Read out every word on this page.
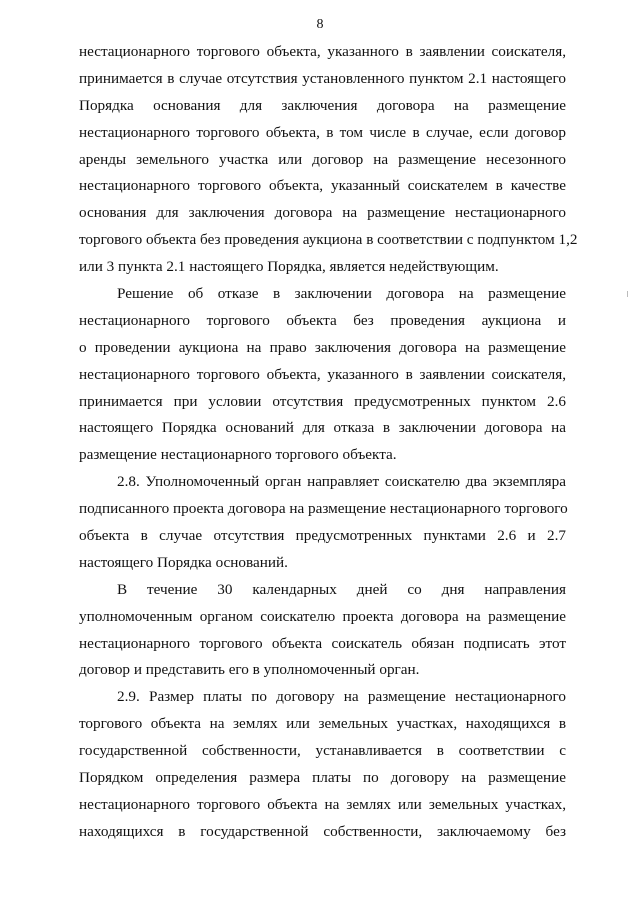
8
нестационарного торгового объекта, указанного в заявлении соискателя,
принимается в случае отсутствия установленного пунктом 2.1 настоящего
Порядка основания для заключения договора на размещение
нестационарного торгового объекта, в том числе в случае, если договор
аренды земельного участка или договор на размещение несезонного
нестационарного торгового объекта, указанный соискателем в качестве
основания для заключения договора на размещение нестационарного
торгового объекта без проведения аукциона в соответствии с подпунктом 1,2
или 3 пункта 2.1 настоящего Порядка, является недействующим.
Решение об отказе в заключении договора на размещение
нестационарного торгового объекта без проведения аукциона и
о проведении аукциона на право заключения договора на размещение
нестационарного торгового объекта, указанного в заявлении соискателя,
принимается при условии отсутствия предусмотренных пунктом 2.6
настоящего Порядка оснований для отказа в заключении договора на
размещение нестационарного торгового объекта.
2.8. Уполномоченный орган направляет соискателю два экземпляра
подписанного проекта договора на размещение нестационарного торгового
объекта в случае отсутствия предусмотренных пунктами 2.6 и 2.7
настоящего Порядка оснований.
В течение 30 календарных дней со дня направления
уполномоченным органом соискателю проекта договора на размещение
нестационарного торгового объекта соискатель обязан подписать этот
договор и представить его в уполномоченный орган.
2.9. Размер платы по договору на размещение нестационарного
торгового объекта на землях или земельных участках, находящихся в
государственной собственности, устанавливается в соответствии с
Порядком определения размера платы по договору на размещение
нестационарного торгового объекта на землях или земельных участках,
находящихся в государственной собственности, заключаемому без
